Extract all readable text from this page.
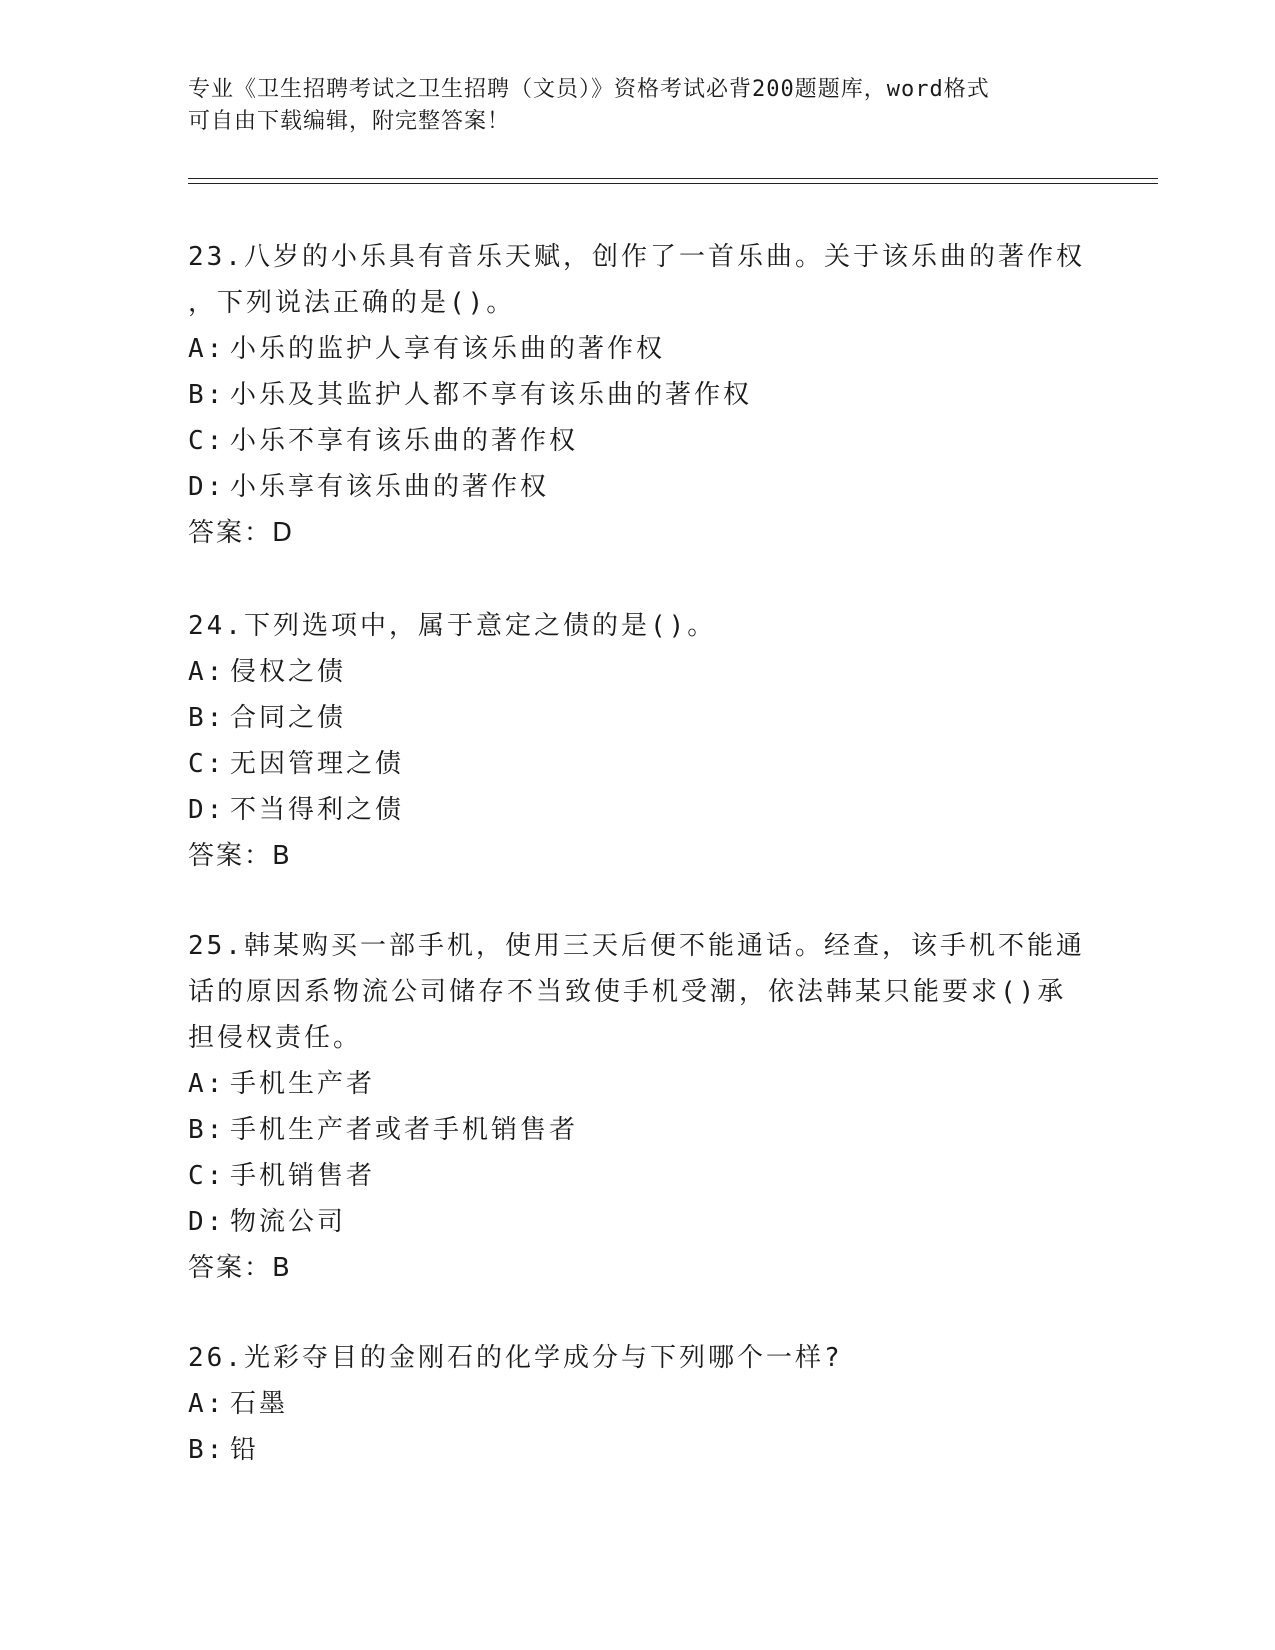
专业《卫生招聘考试之卫生招聘（文员）》资格考试必背200题题库，word格式
可自由下载编辑，附完整答案！
23.八岁的小乐具有音乐天赋，创作了一首乐曲。关于该乐曲的著作权
，下列说法正确的是()。
A: 小乐的监护人享有该乐曲的著作权
B: 小乐及其监护人都不享有该乐曲的著作权
C: 小乐不享有该乐曲的著作权
D: 小乐享有该乐曲的著作权
答案：D
24.下列选项中，属于意定之债的是()。
A: 侵权之债
B: 合同之债
C: 无因管理之债
D: 不当得利之债
答案：B
25.韩某购买一部手机，使用三天后便不能通话。经查，该手机不能通
话的原因系物流公司储存不当致使手机受潮，依法韩某只能要求()承
担侵权责任。
A: 手机生产者
B: 手机生产者或者手机销售者
C: 手机销售者
D: 物流公司
答案：B
26.光彩夺目的金刚石的化学成分与下列哪个一样?
A: 石墨
B: 铅
